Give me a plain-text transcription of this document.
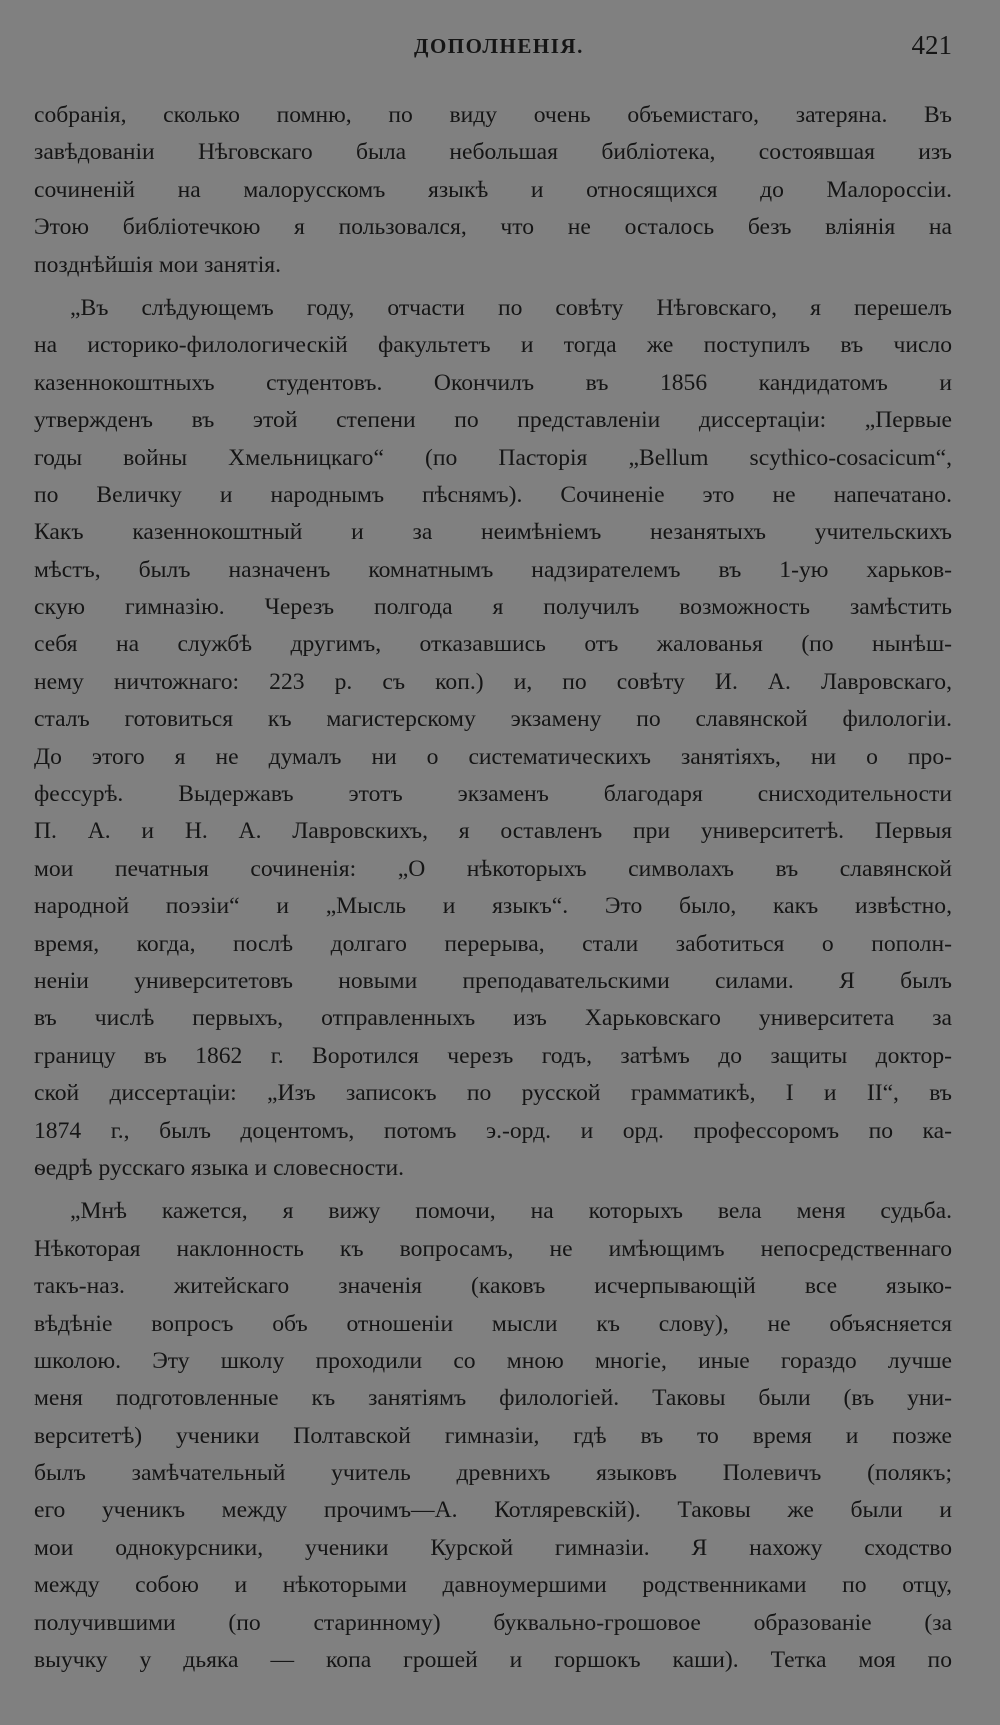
ДОПОЛНЕНІЯ.	421
собранія, сколько помню, по виду очень объемистаго, затеряна. Въ
завѣдованіи Нѣговскаго была небольшая библіотека, состоявшая изъ
сочиненій на малорусскомъ языкѣ и относящихся до Малороссіи.
Этою библіотечкою я пользовался, что не осталось безъ вліянія на
позднѣйшія мои занятія.
„Въ слѣдующемъ году, отчасти по совѣту Нѣговскаго, я перешелъ
на историко-филологическій факультетъ и тогда же поступилъ въ число
казеннокоштныхъ студентовъ. Окончилъ въ 1856 кандидатомъ и
утвержденъ въ этой степени по представленіи диссертаціи: „Первые
годы войны Хмельницкаго“ (по Пасторія „Bellum scythico-cosacicum“,
по Величку и народнымъ пѣснямъ). Сочиненіе это не напечатано.
Какъ казеннокоштный и за неимѣніемъ незанятыхъ учительскихъ
мѣстъ, былъ назначенъ комнатнымъ надзирателемъ въ 1-ую харьков-
скую гимназію. Черезъ полгода я получилъ возможность замѣстить
себя на службѣ другимъ, отказавшись отъ жалованья (по нынѣш-
нему ничтожнаго: 223 р. съ коп.) и, по совѣту И. А. Лавровскаго,
сталъ готовиться къ магистерскому экзамену по славянской филологіи.
До этого я не думалъ ни о систематическихъ занятіяхъ, ни о про-
фессурѣ. Выдержавъ этотъ экзаменъ благодаря снисходительности
П. А. и Н. А. Лавровскихъ, я оставленъ при университетѣ. Первыя
мои печатныя сочиненія: „О нѣкоторыхъ символахъ въ славянской
народной поэзіи“ и „Мысль и языкъ“. Это было, какъ извѣстно,
время, когда, послѣ долгаго перерыва, стали заботиться о пополн-
неніи университетовъ новыми преподавательскими силами. Я былъ
въ числѣ первыхъ, отправленныхъ изъ Харьковскаго университета за
границу въ 1862 г. Воротился черезъ годъ, затѣмъ до защиты доктор-
ской диссертаціи: „Изъ записокъ по русской грамматикѣ, I и II“, въ
1874 г., былъ доцентомъ, потомъ э.-орд. и орд. профессоромъ по ка-
ѳедрѣ русскаго языка и словесности.
„Мнѣ кажется, я вижу помочи, на которыхъ вела меня судьба.
Нѣкоторая наклонность къ вопросамъ, не имѣющимъ непосредственнаго
такъ-наз. житейскаго значенія (каковъ исчерпывающій все языко-
вѣдѣніе вопросъ объ отношеніи мысли къ слову), не объясняется
школою. Эту школу проходили со мною многіе, иные гораздо лучше
меня подготовленные къ занятіямъ филологіей. Таковы были (въ уни-
верситетѣ) ученики Полтавской гимназіи, гдѣ въ то время и позже
былъ замѣчательный учитель древнихъ языковъ Полевичъ (полякъ;
его ученикъ между прочимъ—А. Котляревскій). Таковы же были и
мои однокурсники, ученики Курской гимназіи. Я нахожу сходство
между собою и нѣкоторыми давноумершими родственниками по отцу,
получившими (по старинному) буквально-грошовое образованіе (за
выучку у дьяка — копа грошей и горшокъ каши). Тетка моя по
